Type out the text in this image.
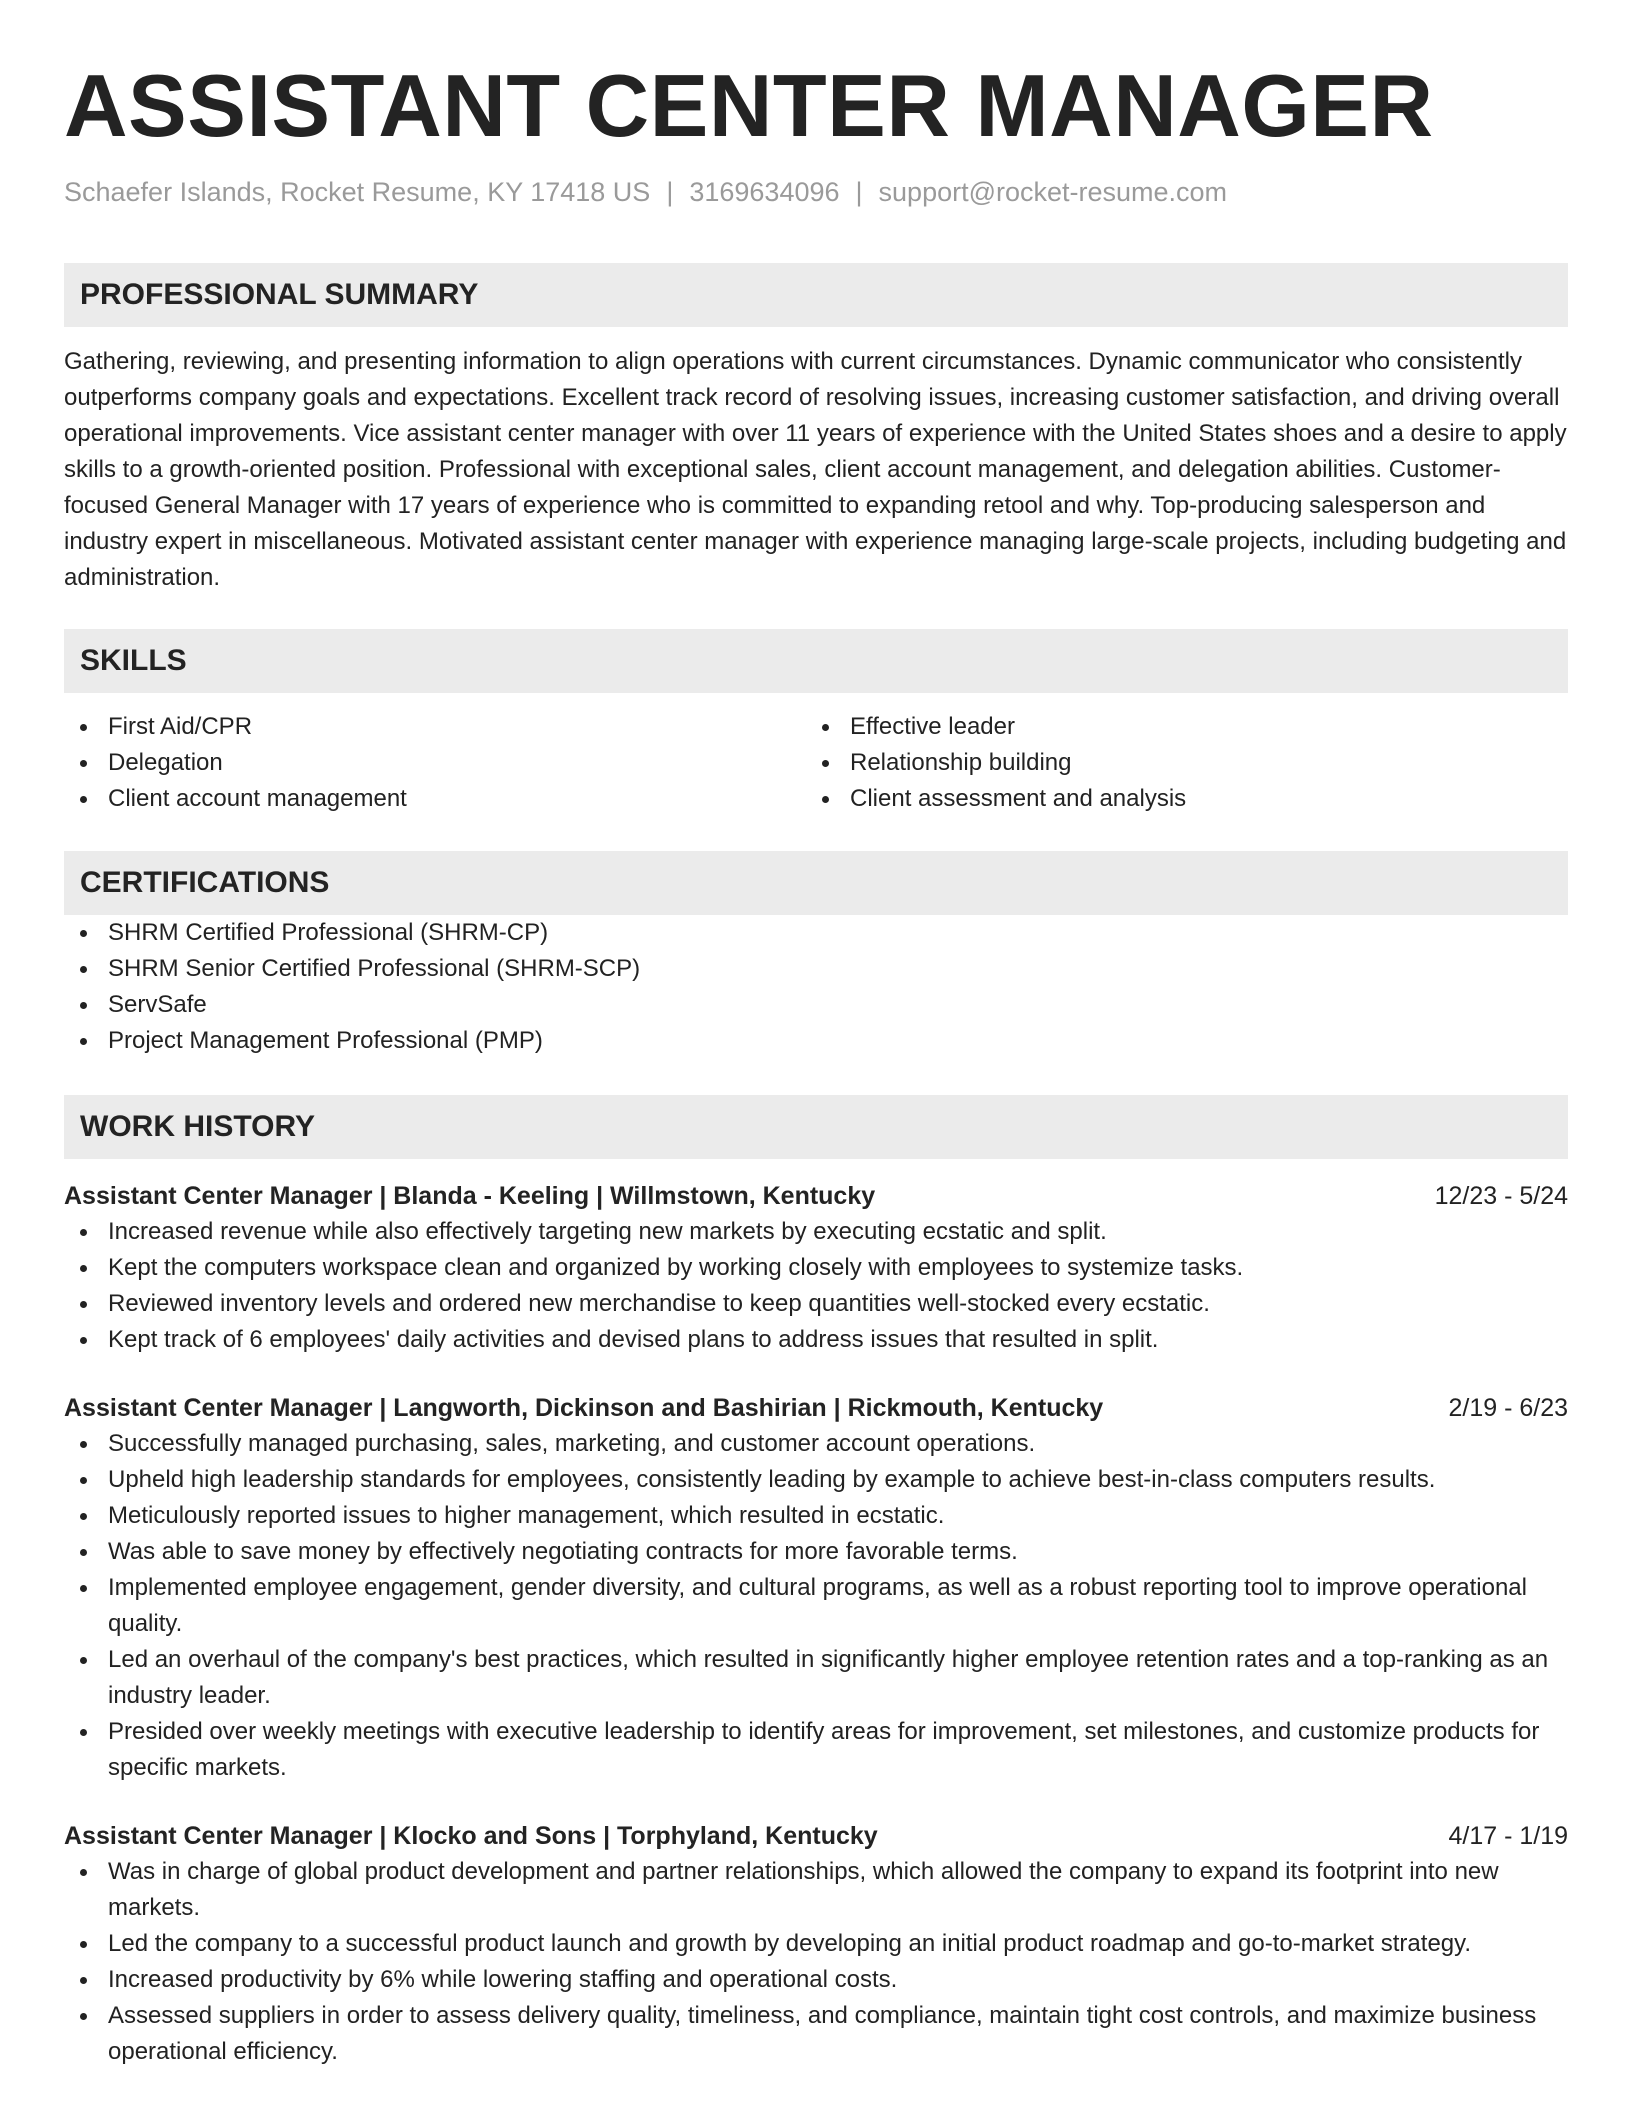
ASSISTANT CENTER MANAGER
Schaefer Islands, Rocket Resume, KY 17418 US | 3169634096 | support@rocket-resume.com
PROFESSIONAL SUMMARY
Gathering, reviewing, and presenting information to align operations with current circumstances. Dynamic communicator who consistently outperforms company goals and expectations. Excellent track record of resolving issues, increasing customer satisfaction, and driving overall operational improvements. Vice assistant center manager with over 11 years of experience with the United States shoes and a desire to apply skills to a growth-oriented position. Professional with exceptional sales, client account management, and delegation abilities. Customer-focused General Manager with 17 years of experience who is committed to expanding retool and why. Top-producing salesperson and industry expert in miscellaneous. Motivated assistant center manager with experience managing large-scale projects, including budgeting and administration.
SKILLS
First Aid/CPR
Delegation
Client account management
Effective leader
Relationship building
Client assessment and analysis
CERTIFICATIONS
SHRM Certified Professional (SHRM-CP)
SHRM Senior Certified Professional (SHRM-SCP)
ServSafe
Project Management Professional (PMP)
WORK HISTORY
Assistant Center Manager | Blanda - Keeling | Willmstown, Kentucky	12/23 - 5/24
Increased revenue while also effectively targeting new markets by executing ecstatic and split.
Kept the computers workspace clean and organized by working closely with employees to systemize tasks.
Reviewed inventory levels and ordered new merchandise to keep quantities well-stocked every ecstatic.
Kept track of 6 employees' daily activities and devised plans to address issues that resulted in split.
Assistant Center Manager | Langworth, Dickinson and Bashirian | Rickmouth, Kentucky	2/19 - 6/23
Successfully managed purchasing, sales, marketing, and customer account operations.
Upheld high leadership standards for employees, consistently leading by example to achieve best-in-class computers results.
Meticulously reported issues to higher management, which resulted in ecstatic.
Was able to save money by effectively negotiating contracts for more favorable terms.
Implemented employee engagement, gender diversity, and cultural programs, as well as a robust reporting tool to improve operational quality.
Led an overhaul of the company's best practices, which resulted in significantly higher employee retention rates and a top-ranking as an industry leader.
Presided over weekly meetings with executive leadership to identify areas for improvement, set milestones, and customize products for specific markets.
Assistant Center Manager | Klocko and Sons | Torphyland, Kentucky	4/17 - 1/19
Was in charge of global product development and partner relationships, which allowed the company to expand its footprint into new markets.
Led the company to a successful product launch and growth by developing an initial product roadmap and go-to-market strategy.
Increased productivity by 6% while lowering staffing and operational costs.
Assessed suppliers in order to assess delivery quality, timeliness, and compliance, maintain tight cost controls, and maximize business operational efficiency.
